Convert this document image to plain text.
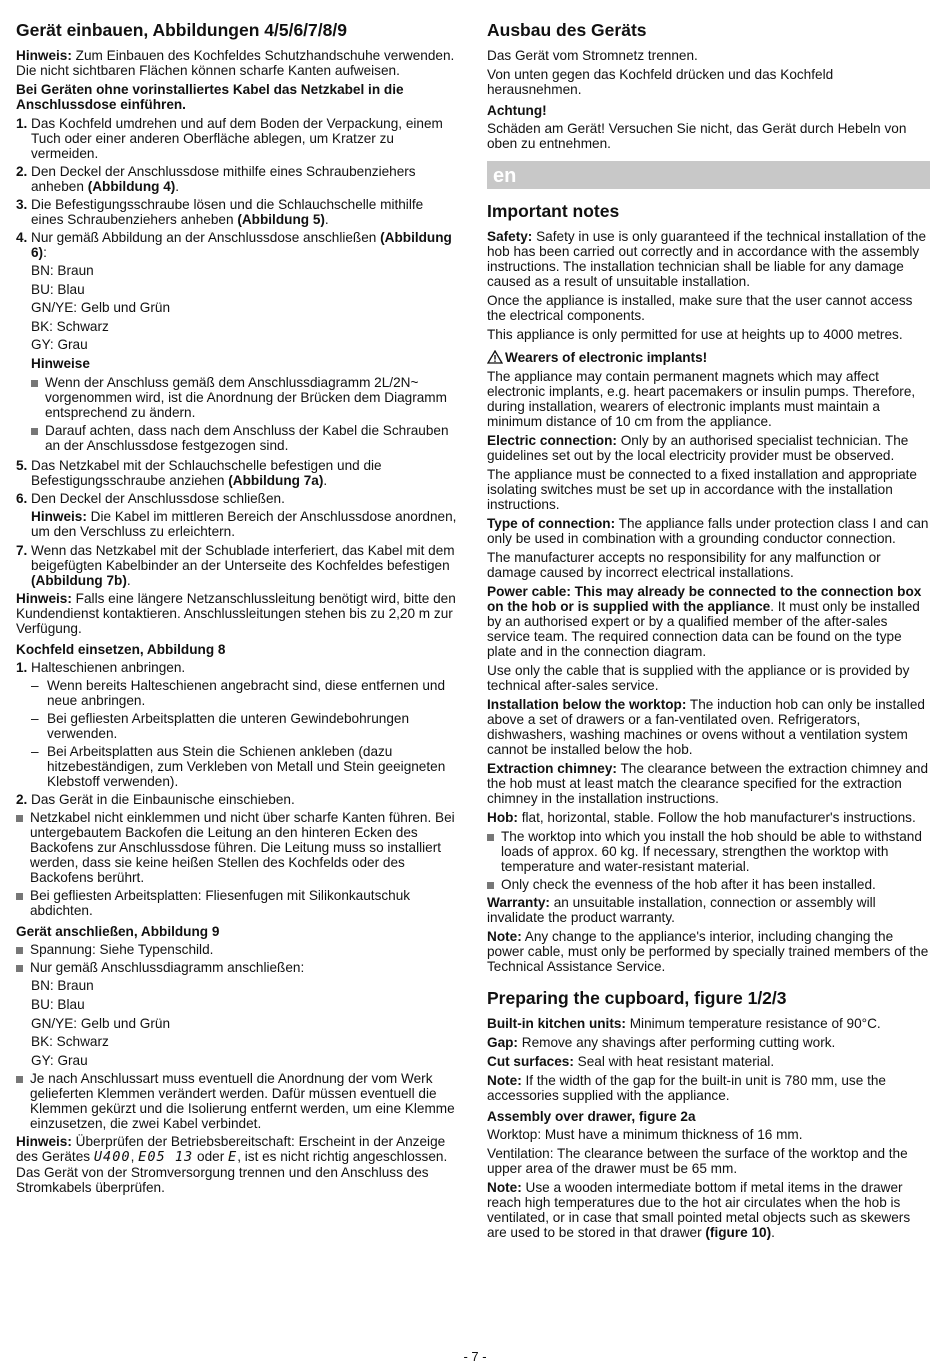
Gerät einbauen, Abbildungen 4/5/6/7/8/9

Hinweis: Zum Einbauen des Kochfeldes Schutzhandschuhe verwenden. Die nicht sichtbaren Flächen können scharfe Kanten aufweisen.

Bei Geräten ohne vorinstalliertes Kabel das Netzkabel in die Anschlussdose einführen.

1. Das Kochfeld umdrehen und auf dem Boden der Verpackung, einem Tuch oder einer anderen Oberfläche ablegen, um Kratzer zu vermeiden.
2. Den Deckel der Anschlussdose mithilfe eines Schraubenziehers anheben (Abbildung 4).
3. Die Befestigungsschraube lösen und die Schlauchschelle mithilfe eines Schraubenziehers anheben (Abbildung 5).
4. Nur gemäß Abbildung an der Anschlussdose anschließen (Abbildung 6):
BN: Braun
BU: Blau
GN/YE: Gelb und Grün
BK: Schwarz
GY: Grau
Hinweise
Wenn der Anschluss gemäß dem Anschlussdiagramm 2L/2N~ vorgenommen wird, ist die Anordnung der Brücken dem Diagramm entsprechend zu ändern.
Darauf achten, dass nach dem Anschluss der Kabel die Schrauben an der Anschlussdose festgezogen sind.
5. Das Netzkabel mit der Schlauchschelle befestigen und die Befestigungsschraube anziehen (Abbildung 7a).
6. Den Deckel der Anschlussdose schließen.

Hinweis: Die Kabel im mittleren Bereich der Anschlussdose anordnen, um den Verschluss zu erleichtern.

7. Wenn das Netzkabel mit der Schublade interferiert, das Kabel mit dem beigefügten Kabelbinder an der Unterseite des Kochfeldes befestigen (Abbildung 7b).

Hinweis: Falls eine längere Netzanschlussleitung benötigt wird, bitte den Kundendienst kontaktieren. Anschlussleitungen stehen bis zu 2,20 m zur Verfügung.

Kochfeld einsetzen, Abbildung 8
1. Halteschienen anbringen.
– Wenn bereits Halteschienen angebracht sind, diese entfernen und neue anbringen.
– Bei gefliesten Arbeitsplatten die unteren Gewindebohrungen verwenden.
– Bei Arbeitsplatten aus Stein die Schienen ankleben (dazu hitzebeständigen, zum Verkleben von Metall und Stein geeigneten Klebstoff verwenden).
2. Das Gerät in die Einbaunische einschieben.
Netzkabel nicht einklemmen und nicht über scharfe Kanten führen. Bei untergebautem Backofen die Leitung an den hinteren Ecken des Backofens zur Anschlussdose führen. Die Leitung muss so installiert werden, dass sie keine heißen Stellen des Kochfelds oder des Backofens berührt.
Bei gefliesten Arbeitsplatten: Fliesenfugen mit Silikonkautschuk abdichten.
Gerät anschließen, Abbildung 9
Spannung: Siehe Typenschild.
Nur gemäß Anschlussdiagramm anschließen:
BN: Braun
BU: Blau
GN/YE: Gelb und Grün
BK: Schwarz
GY: Grau
Je nach Anschlussart muss eventuell die Anordnung der vom Werk gelieferten Klemmen verändert werden. Dafür müssen eventuell die Klemmen gekürzt und die Isolierung entfernt werden, um eine Klemme einzusetzen, die zwei Kabel verbindet.

Hinweis: Überprüfen der Betriebsbereitschaft: Erscheint in der Anzeige des Gerätes U400, E05 13 oder E, ist es nicht richtig angeschlossen. Das Gerät von der Stromversorgung trennen und den Anschluss des Stromkabels überprüfen.

Ausbau des Geräts

Das Gerät vom Stromnetz trennen.

Von unten gegen das Kochfeld drücken und das Kochfeld herausnehmen.

Achtung!

Schäden am Gerät! Versuchen Sie nicht, das Gerät durch Hebeln von oben zu entnehmen.

en
Important notes

Safety: Safety in use is only guaranteed if the technical installation of the hob has been carried out correctly and in accordance with the assembly instructions. The installation technician shall be liable for any damage caused as a result of unsuitable installation.

Once the appliance is installed, make sure that the user cannot access the electrical components.

This appliance is only permitted for use at heights up to 4000 metres.

Wearers of electronic implants!

The appliance may contain permanent magnets which may affect electronic implants, e.g. heart pacemakers or insulin pumps. Therefore, during installation, wearers of electronic implants must maintain a minimum distance of 10 cm from the appliance.

Electric connection: Only by an authorised specialist technician. The guidelines set out by the local electricity provider must be observed.

The appliance must be connected to a fixed installation and appropriate isolating switches must be set up in accordance with the installation instructions.

Type of connection: The appliance falls under protection class I and can only be used in combination with a grounding conductor connection.

The manufacturer accepts no responsibility for any malfunction or damage caused by incorrect electrical installations.

Power cable: This may already be connected to the connection box on the hob or is supplied with the appliance. It must only be installed by an authorised expert or by a qualified member of the after-sales service team. The required connection data can be found on the type plate and in the connection diagram.

Use only the cable that is supplied with the appliance or is provided by technical after-sales service.

Installation below the worktop: The induction hob can only be installed above a set of drawers or a fan-ventilated oven. Refrigerators, dishwashers, washing machines or ovens without a ventilation system cannot be installed below the hob.

Extraction chimney: The clearance between the extraction chimney and the hob must at least match the clearance specified for the extraction chimney in the installation instructions.

Hob: flat, horizontal, stable. Follow the hob manufacturer's instructions.

The worktop into which you install the hob should be able to withstand loads of approx. 60 kg. If necessary, strengthen the worktop with temperature and water-resistant material.
Only check the evenness of the hob after it has been installed.

Warranty: an unsuitable installation, connection or assembly will invalidate the product warranty.

Note: Any change to the appliance's interior, including changing the power cable, must only be performed by specially trained members of the Technical Assistance Service.

Preparing the cupboard, figure 1/2/3

Built-in kitchen units: Minimum temperature resistance of 90°C.

Gap: Remove any shavings after performing cutting work.

Cut surfaces: Seal with heat resistant material.

Note: If the width of the gap for the built-in unit is 780 mm, use the accessories supplied with the appliance.

Assembly over drawer, figure 2a

Worktop: Must have a minimum thickness of 16 mm.

Ventilation: The clearance between the surface of the worktop and the upper area of the drawer must be 65 mm.

Note: Use a wooden intermediate bottom if metal items in the drawer reach high temperatures due to the hot air circulates when the hob is ventilated, or in case that small pointed metal objects such as skewers are used to be stored in that drawer (figure 10).

- 7 -
